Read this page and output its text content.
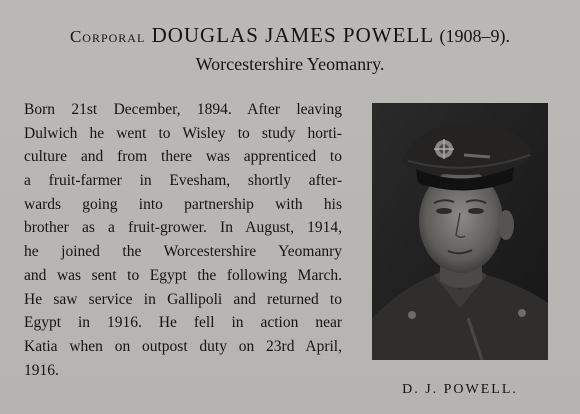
Corporal DOUGLAS JAMES POWELL (1908–9).
Worcestershire Yeomanry.
Born 21st December, 1894. After leaving
Dulwich he went to Wisley to study horti-
culture and from there was apprenticed to
a fruit-farmer in Evesham, shortly after-
wards going into partnership with his
brother as a fruit-grower. In August, 1914,
he joined the Worcestershire Yeomanry
and was sent to Egypt the following March.
He saw service in Gallipoli and returned to
Egypt in 1916. He fell in action near
Katia when on outpost duty on 23rd April,
1916.
D. J. POWELL.
